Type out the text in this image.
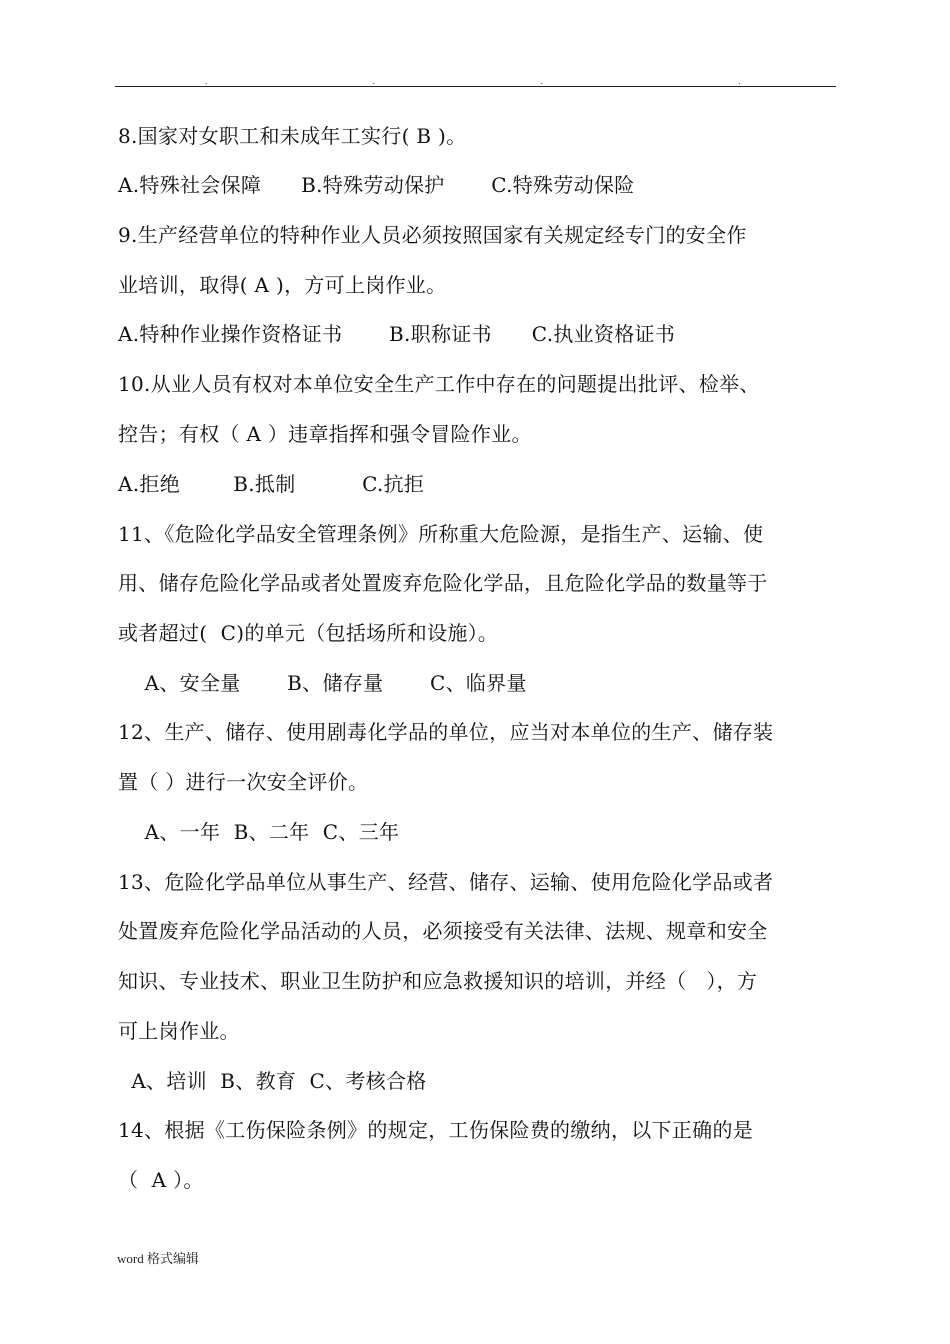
.	.	.	.
8.国家对女职工和未成年工实行( B )。
A.特殊社会保障      B.特殊劳动保护       C.特殊劳动保险
9.生产经营单位的特种作业人员必须按照国家有关规定经专门的安全作
业培训，取得( A )，方可上岗作业。
A.特种作业操作资格证书       B.职称证书      C.执业资格证书
10.从业人员有权对本单位安全生产工作中存在的问题提出批评、检举、
控告；有权（ A ）违章指挥和强令冒险作业。
A.拒绝        B.抵制          C.抗拒
11、《危险化学品安全管理条例》所称重大危险源，是指生产、运输、使
用、储存危险化学品或者处置废弃危险化学品，且危险化学品的数量等于
或者超过(  C)的单元（包括场所和设施）。
A、安全量       B、储存量       C、临界量
12、生产、储存、使用剧毒化学品的单位，应当对本单位的生产、储存装
置（ ）进行一次安全评价。
A、一年  B、二年  C、三年
13、危险化学品单位从事生产、经营、储存、运输、使用危险化学品或者
处置废弃危险化学品活动的人员，必须接受有关法律、法规、规章和安全
知识、专业技术、职业卫生防护和应急救援知识的培训，并经（   ），方
可上岗作业。
A、培训  B、教育  C、考核合格
14、根据《工伤保险条例》的规定，工伤保险费的缴纳，以下正确的是
（  A ）。
word 格式编辑
